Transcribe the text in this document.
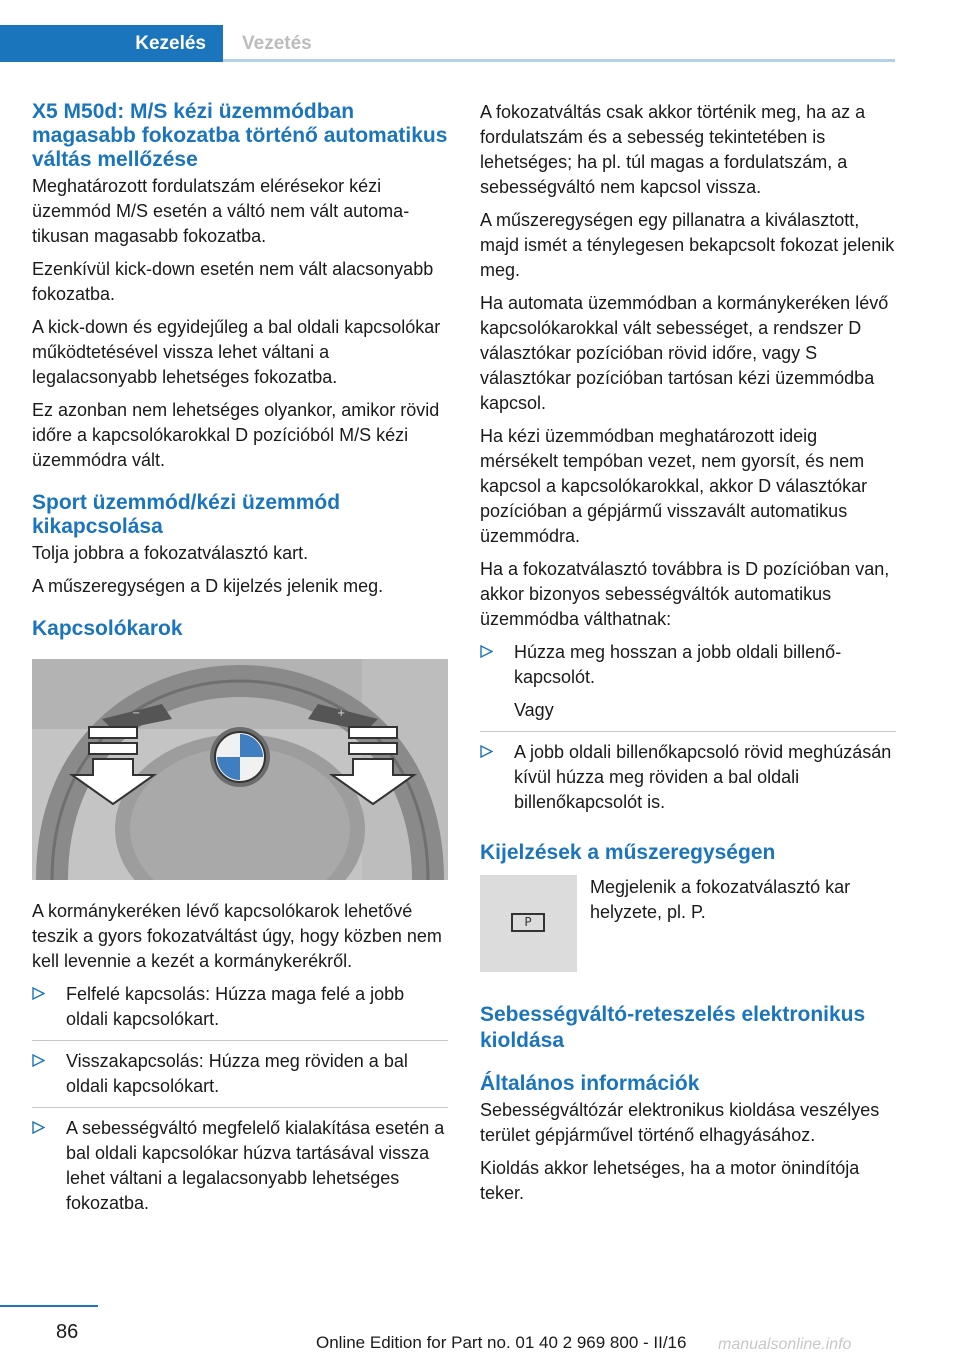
Kezelés	Vezetés
X5 M50d: M/S kézi üzemmódban magasabb fokozatba történő automatikus váltás mellőzése

Meghatározott fordulatszám elérésekor kézi üzemmód M/S esetén a váltó nem vált automatikusan magasabb fokozatba.

Ezenkívül kick-down esetén nem vált alacsonyabb fokozatba.

A kick-down és egyidejűleg a bal oldali kapcsolókar működtetésével vissza lehet váltani a legalacsonyabb lehetséges fokozatba.

Ez azonban nem lehetséges olyankor, amikor rövid időre a kapcsolókarokkal D pozícióból M/S kézi üzemmódra vált.

Sport üzemmód/kézi üzemmód kikapcsolása

Tolja jobbra a fokozatválasztó kart.

A műszeregységen a D kijelzés jelenik meg.

Kapcsolókarok
−	+

A kormánykeréken lévő kapcsolókarok lehetővé teszik a gyors fokozatváltást úgy, hogy közben nem kell levennie a kezét a kormánykerékről.

Felfelé kapcsolás: Húzza maga felé a jobb oldali kapcsolókart.
Visszakapcsolás: Húzza meg röviden a bal oldali kapcsolókart.
A sebességváltó megfelelő kialakítása esetén a bal oldali kapcsolókar húzva tartásával vissza lehet váltani a legalacsonyabb lehetséges fokozatba.

A fokozatváltás csak akkor történik meg, ha az a fordulatszám és a sebesség tekintetében is lehetséges; ha pl. túl magas a fordulatszám, a sebességváltó nem kapcsol vissza.

A műszeregységen egy pillanatra a kiválasztott, majd ismét a ténylegesen bekapcsolt fokozat jelenik meg.

Ha automata üzemmódban a kormánykeréken lévő kapcsolókarokkal vált sebességet, a rendszer D választókar pozícióban rövid időre, vagy S választókar pozícióban tartósan kézi üzemmódba kapcsol.

Ha kézi üzemmódban meghatározott ideig mérsékelt tempóban vezet, nem gyorsít, és nem kapcsol a kapcsolókarokkal, akkor D választókar pozícióban a gépjármű visszavált automatikus üzemmódra.

Ha a fokozatválasztó továbbra is D pozícióban van, akkor bizonyos sebességváltók automatikus üzemmódba válthatnak:

Húzza meg hosszan a jobb oldali billenőkapcsolót.
Vagy
A jobb oldali billenőkapcsoló rövid meghúzásán kívül húzza meg röviden a bal oldali billenőkapcsolót is.
Kijelzések a műszeregységen
P
Megjelenik a fokozatválasztó kar helyzete, pl. P.
Sebességváltó-reteszelés elektronikus kioldása
Általános információk

Sebességváltózár elektronikus kioldása veszélyes terület gépjárművel történő elhagyásához.

Kioldás akkor lehetséges, ha a motor önindítója teker.

86	Online Edition for Part no. 01 40 2 969 800 - II/16 manualsonline.info
